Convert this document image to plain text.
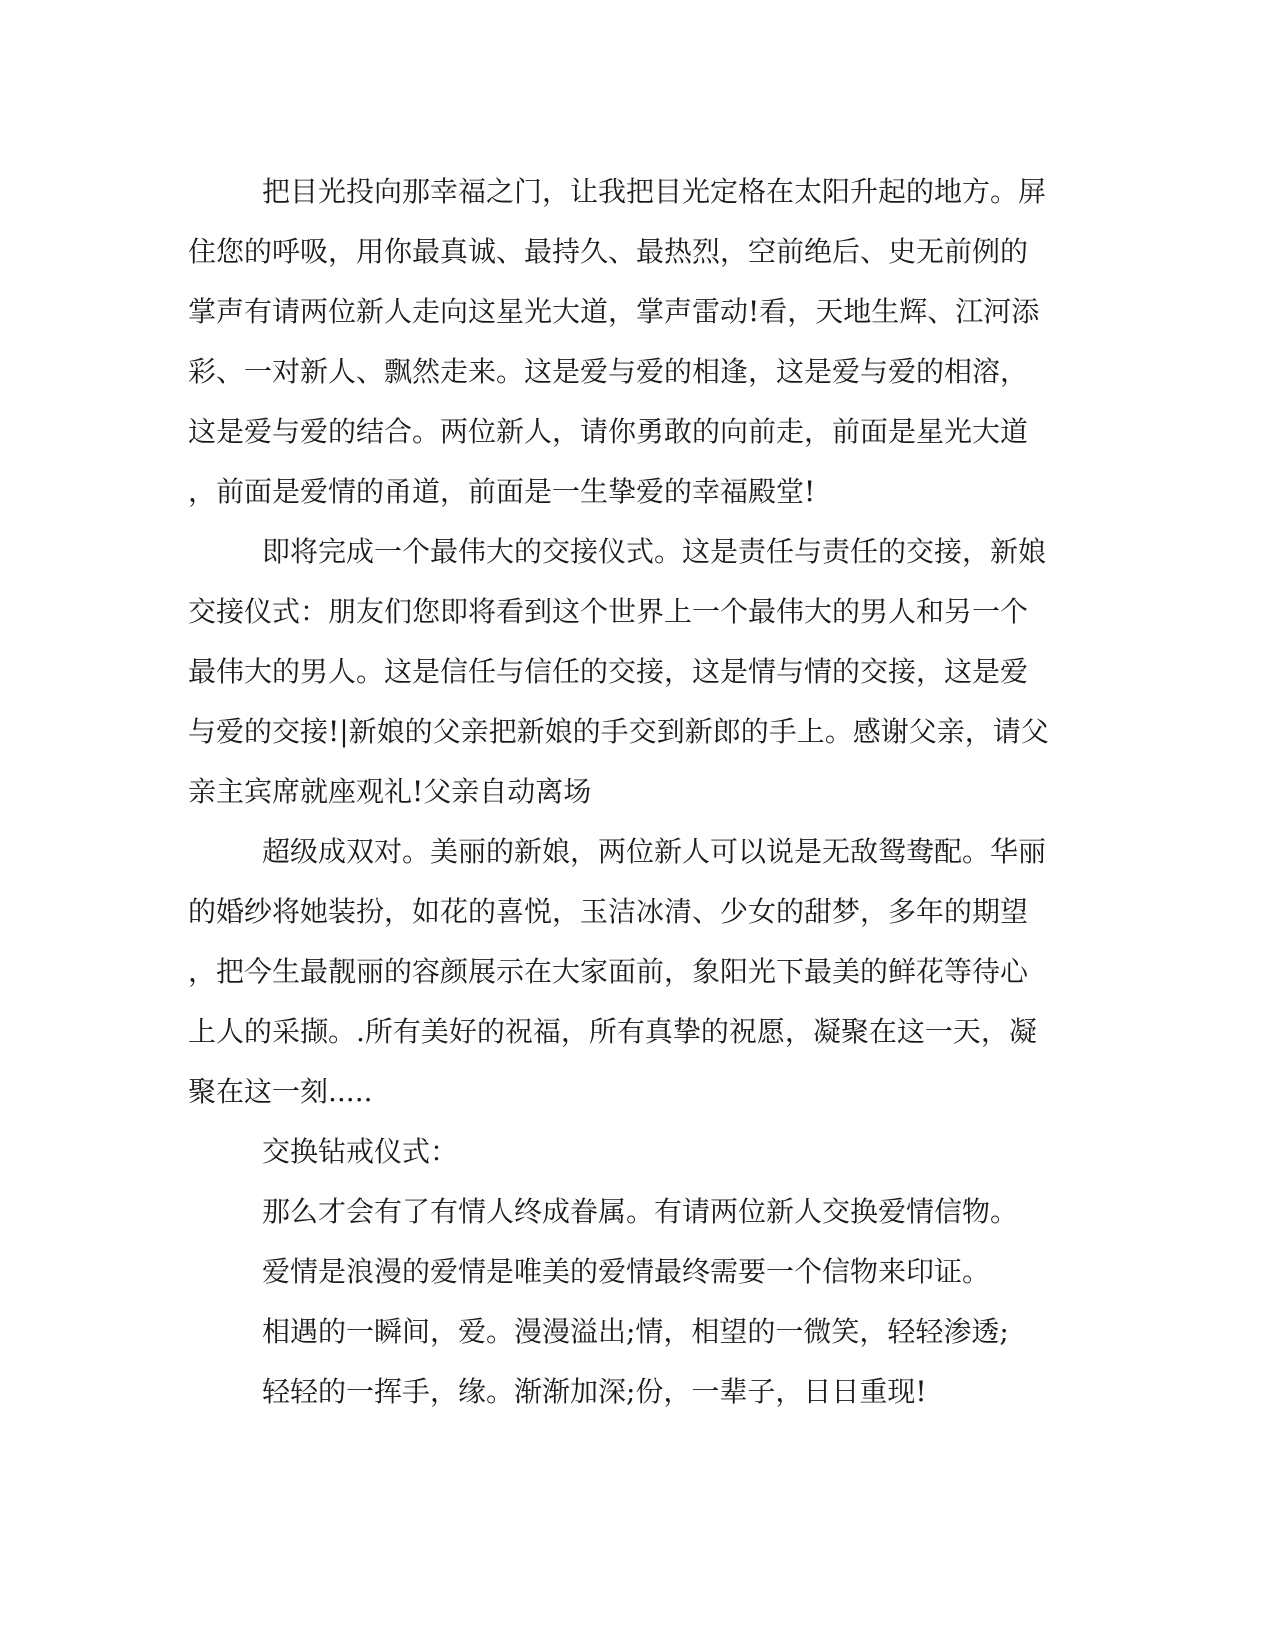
把目光投向那幸福之门，让我把目光定格在太阳升起的地方。屏
住您的呼吸，用你最真诚、最持久、最热烈，空前绝后、史无前例的
掌声有请两位新人走向这星光大道，掌声雷动!看，天地生辉、江河添
彩、一对新人、飘然走来。这是爱与爱的相逢，这是爱与爱的相溶，
这是爱与爱的结合。两位新人，请你勇敢的向前走，前面是星光大道
，前面是爱情的甬道，前面是一生挚爱的幸福殿堂!
即将完成一个最伟大的交接仪式。这是责任与责任的交接，新娘
交接仪式：朋友们您即将看到这个世界上一个最伟大的男人和另一个
最伟大的男人。这是信任与信任的交接，这是情与情的交接，这是爱
与爱的交接!|新娘的父亲把新娘的手交到新郎的手上。感谢父亲，请父
亲主宾席就座观礼!父亲自动离场
超级成双对。美丽的新娘，两位新人可以说是无敌鸳鸯配。华丽
的婚纱将她装扮，如花的喜悦，玉洁冰清、少女的甜梦，多年的期望
，把今生最靓丽的容颜展示在大家面前，象阳光下最美的鲜花等待心
上人的采撷。.所有美好的祝福，所有真挚的祝愿，凝聚在这一天，凝
聚在这一刻.....
交换钻戒仪式：
那么才会有了有情人终成眷属。有请两位新人交换爱情信物。
爱情是浪漫的爱情是唯美的爱情最终需要一个信物来印证。
相遇的一瞬间，爱。漫漫溢出;情，相望的一微笑，轻轻渗透;
轻轻的一挥手，缘。渐渐加深;份，一辈子，日日重现!
